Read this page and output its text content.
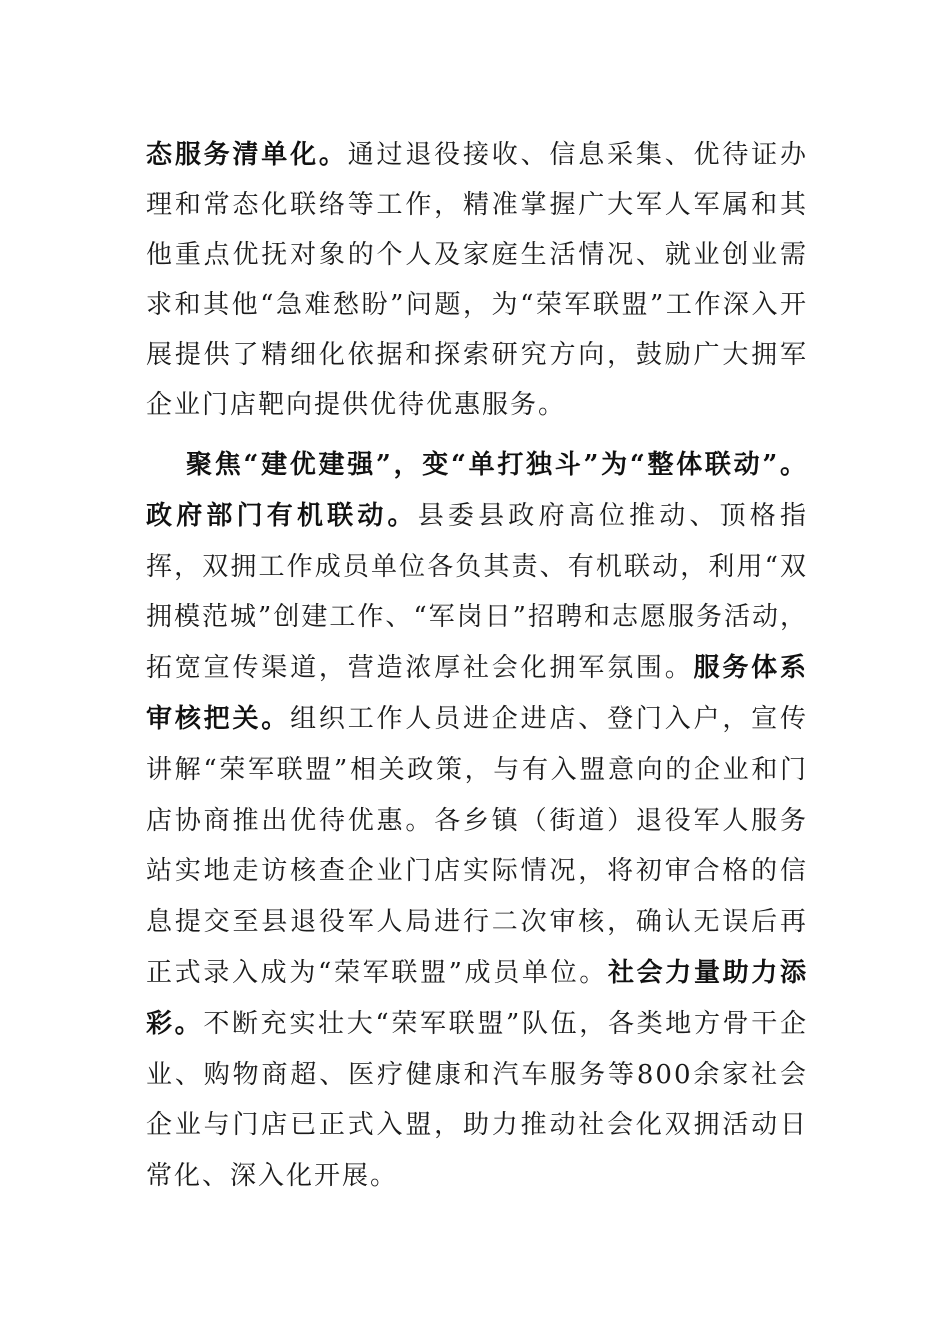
态服务清单化。通过退役接收、信息采集、优待证办理和常态化联络等工作，精准掌握广大军人军属和其他重点优抚对象的个人及家庭生活情况、就业创业需求和其他“急难愁盼”问题，为“荣军联盟”工作深入开展提供了精细化依据和探索研究方向，鼓励广大拥军企业门店靶向提供优待优惠服务。
聚焦“建优建强”，变“单打独斗”为“整体联动”。政府部门有机联动。县委县政府高位推动、顶格指挥，双拥工作成员单位各负其责、有机联动，利用“双拥模范城”创建工作、“军岗日”招聘和志愿服务活动，拓宽宣传渠道，营造浓厚社会化拥军氛围。服务体系审核把关。组织工作人员进企进店、登门入户，宣传讲解“荣军联盟”相关政策，与有入盟意向的企业和门店协商推出优待优惠。各乡镇（街道）退役军人服务站实地走访核查企业门店实际情况，将初审合格的信息提交至县退役军人局进行二次审核，确认无误后再正式录入成为“荣军联盟”成员单位。社会力量助力添彩。不断充实壮大“荣军联盟”队伍，各类地方骨干企业、购物商超、医疗健康和汽车服务等800余家社会企业与门店已正式入盟，助力推动社会化双拥活动日常化、深入化开展。
